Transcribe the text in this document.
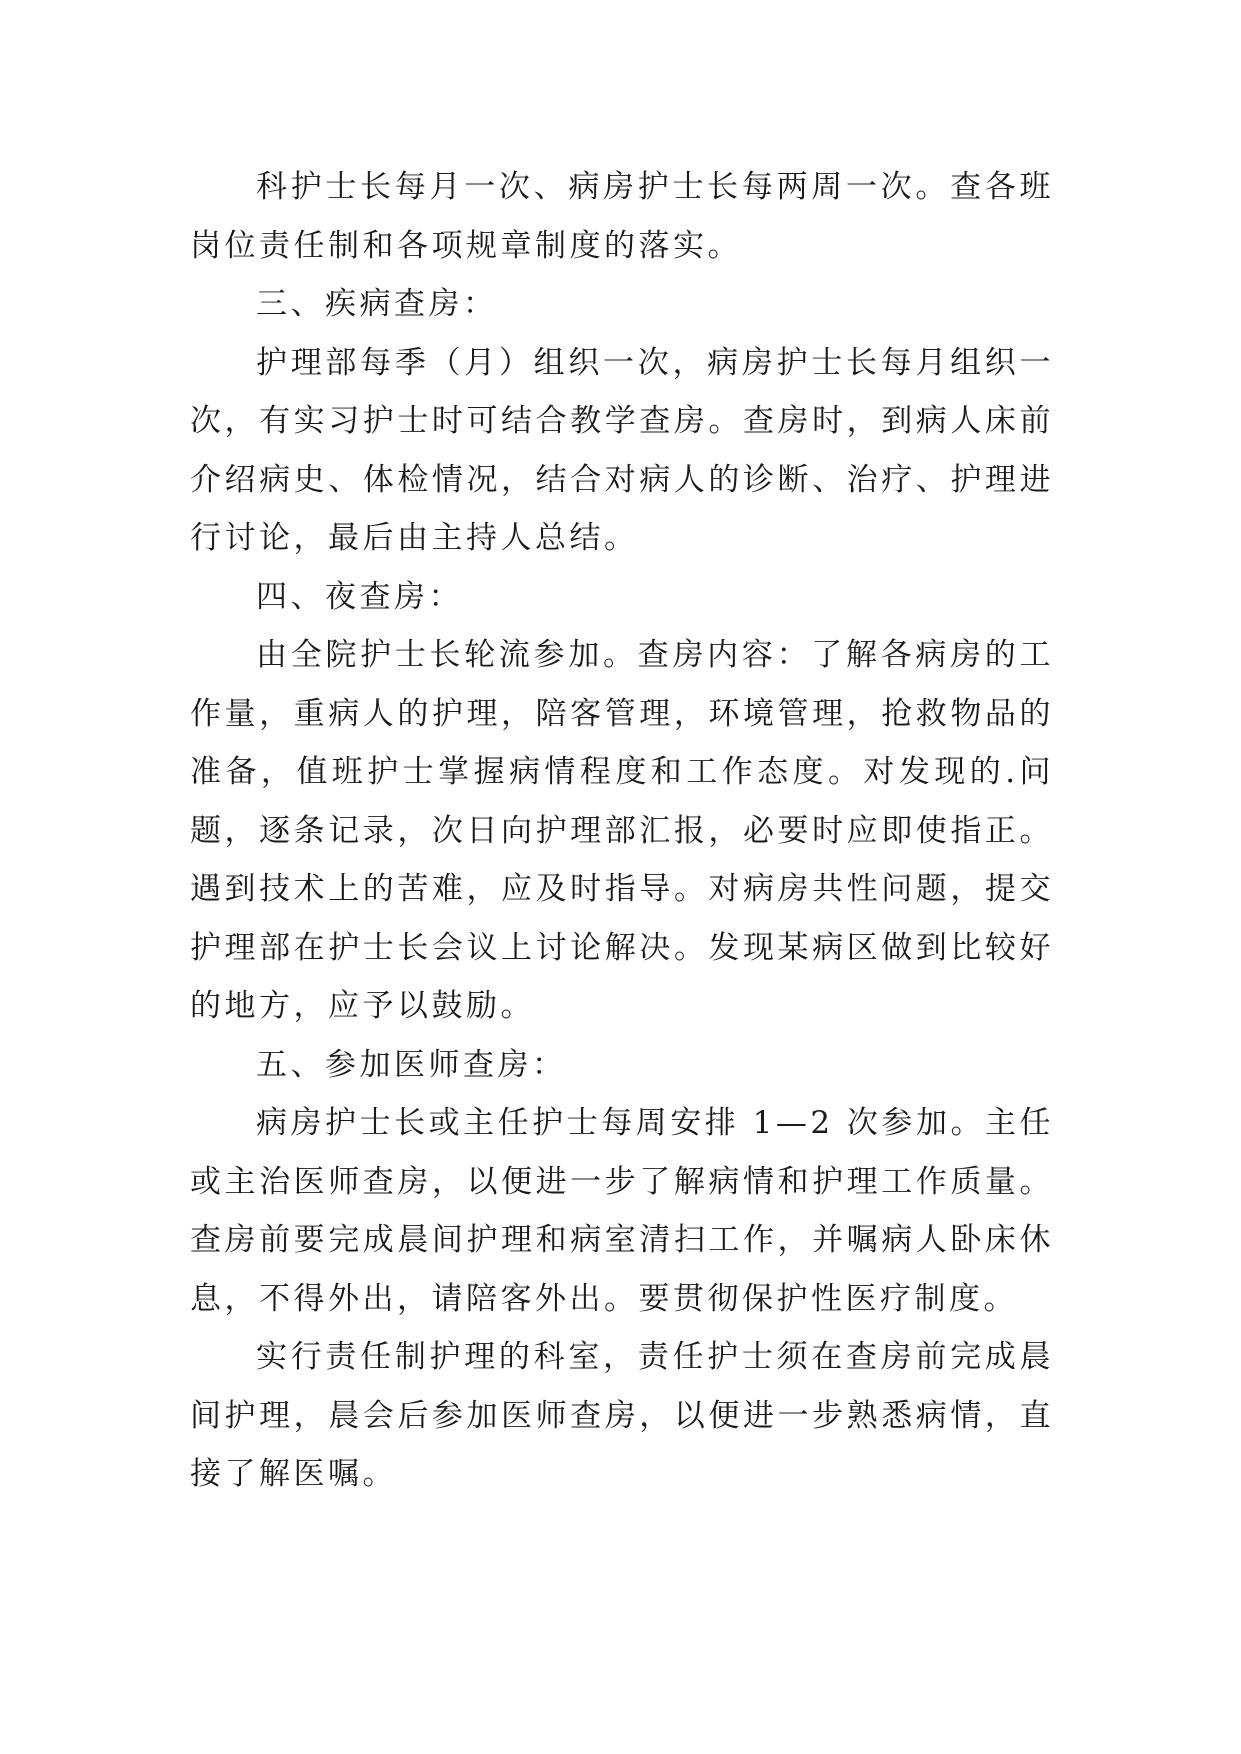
科护士长每月一次、病房护士长每两周一次。查各班岗位责任制和各项规章制度的落实。

三、疾病查房：

护理部每季（月）组织一次，病房护士长每月组织一次，有实习护士时可结合教学查房。查房时，到病人床前介绍病史、体检情况，结合对病人的诊断、治疗、护理进行讨论，最后由主持人总结。

四、夜查房：

由全院护士长轮流参加。查房内容：了解各病房的工作量，重病人的护理，陪客管理，环境管理，抢救物品的准备，值班护士掌握病情程度和工作态度。对发现的.问题，逐条记录，次日向护理部汇报，必要时应即使指正。遇到技术上的苦难，应及时指导。对病房共性问题，提交护理部在护士长会议上讨论解决。发现某病区做到比较好的地方，应予以鼓励。

五、参加医师查房：

病房护士长或主任护士每周安排 1—2 次参加。主任或主治医师查房，以便进一步了解病情和护理工作质量。查房前要完成晨间护理和病室清扫工作，并嘱病人卧床休息，不得外出，请陪客外出。要贯彻保护性医疗制度。

实行责任制护理的科室，责任护士须在查房前完成晨间护理，晨会后参加医师查房，以便进一步熟悉病情，直接了解医嘱。
